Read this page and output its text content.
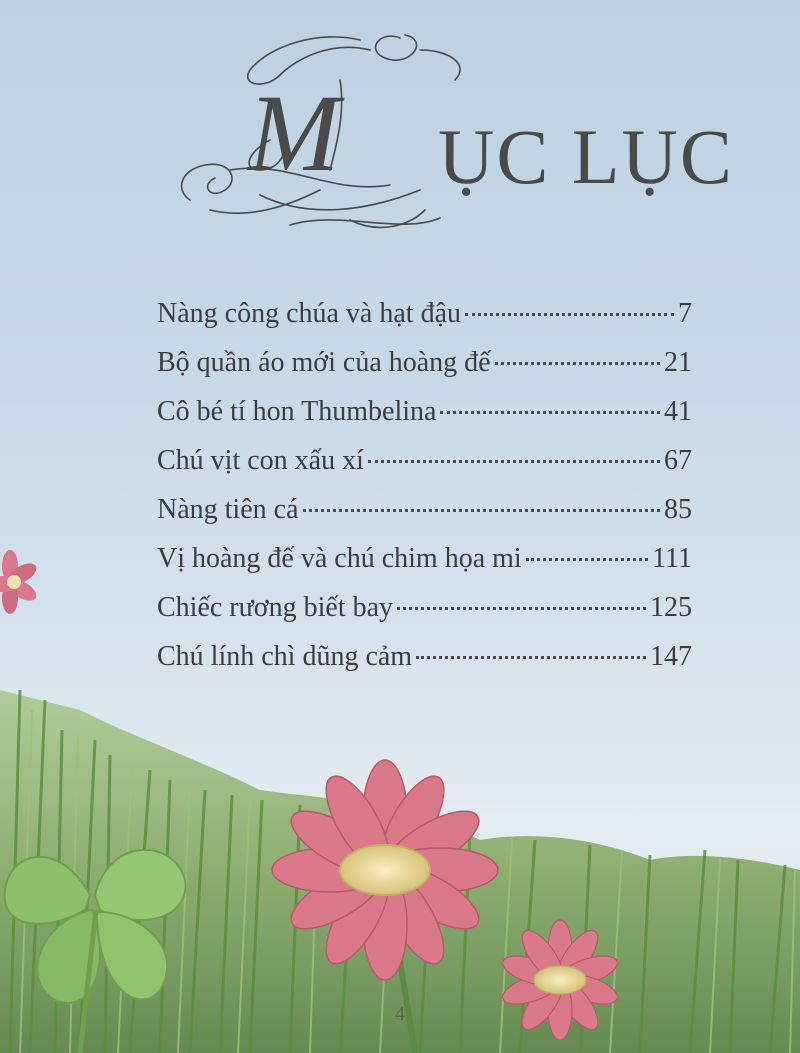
M ỤC LỤC
Nàng công chúa và hạt đậu	7
Bộ quần áo mới của hoàng đế	21
Cô bé tí hon Thumbelina	41
Chú vịt con xấu xí	67
Nàng tiên cá	85
Vị hoàng đế và chú chim họa mi	111
Chiếc rương biết bay	125
Chú lính chì dũng cảm	147
4
